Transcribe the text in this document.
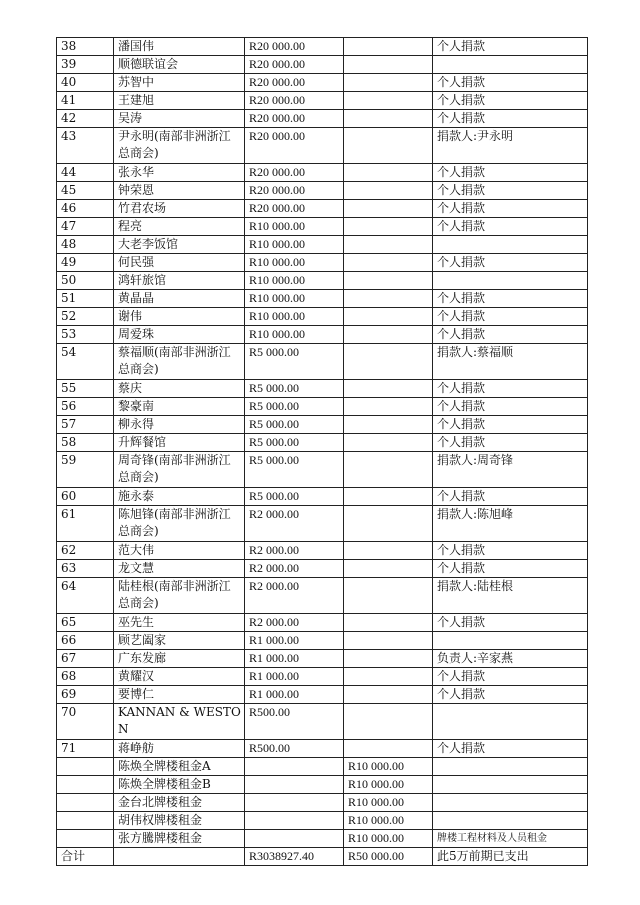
38	潘国伟	R20 000.00		个人捐款
39	顺德联谊会	R20 000.00		
40	苏智中	R20 000.00		个人捐款
41	王建旭	R20 000.00		个人捐款
42	吴涛	R20 000.00		个人捐款
43	尹永明(南部非洲浙江总商会)	R20 000.00		捐款人:尹永明
44	张永华	R20 000.00		个人捐款
45	钟荣恩	R20 000.00		个人捐款
46	竹君农场	R20 000.00		个人捐款
47	程亮	R10 000.00		个人捐款
48	大老李饭馆	R10 000.00		
49	何民强	R10 000.00		个人捐款
50	鸿轩旅馆	R10 000.00		
51	黄晶晶	R10 000.00		个人捐款
52	谢伟	R10 000.00		个人捐款
53	周爱珠	R10 000.00		个人捐款
54	蔡福顺(南部非洲浙江总商会)	R5 000.00		捐款人:蔡福顺
55	蔡庆	R5 000.00		个人捐款
56	黎豪南	R5 000.00		个人捐款
57	柳永得	R5 000.00		个人捐款
58	升辉餐馆	R5 000.00		个人捐款
59	周奇锋(南部非洲浙江总商会)	R5 000.00		捐款人:周奇锋
60	施永泰	R5 000.00		个人捐款
61	陈旭锋(南部非洲浙江总商会)	R2 000.00		捐款人:陈旭峰
62	范大伟	R2 000.00		个人捐款
63	龙文慧	R2 000.00		个人捐款
64	陆桂根(南部非洲浙江总商会)	R2 000.00		捐款人:陆桂根
65	巫先生	R2 000.00		个人捐款
66	顾艺阖家	R1 000.00		
67	广东发廊	R1 000.00		负责人:辛家燕
68	黄耀汉	R1 000.00		个人捐款
69	要博仁	R1 000.00		个人捐款
70	KANNAN & WESTON	R500.00		
71	蒋峥舫	R500.00		个人捐款
	陈焕全牌楼租金A		R10 000.00	
	陈焕全牌楼租金B		R10 000.00	
	金台北牌楼租金		R10 000.00	
	胡伟权牌楼租金		R10 000.00	
	张方騰牌楼租金		R10 000.00	牌楼工程材料及人员租金
合计		R3038927.40	R50 000.00	此5万前期已支出
